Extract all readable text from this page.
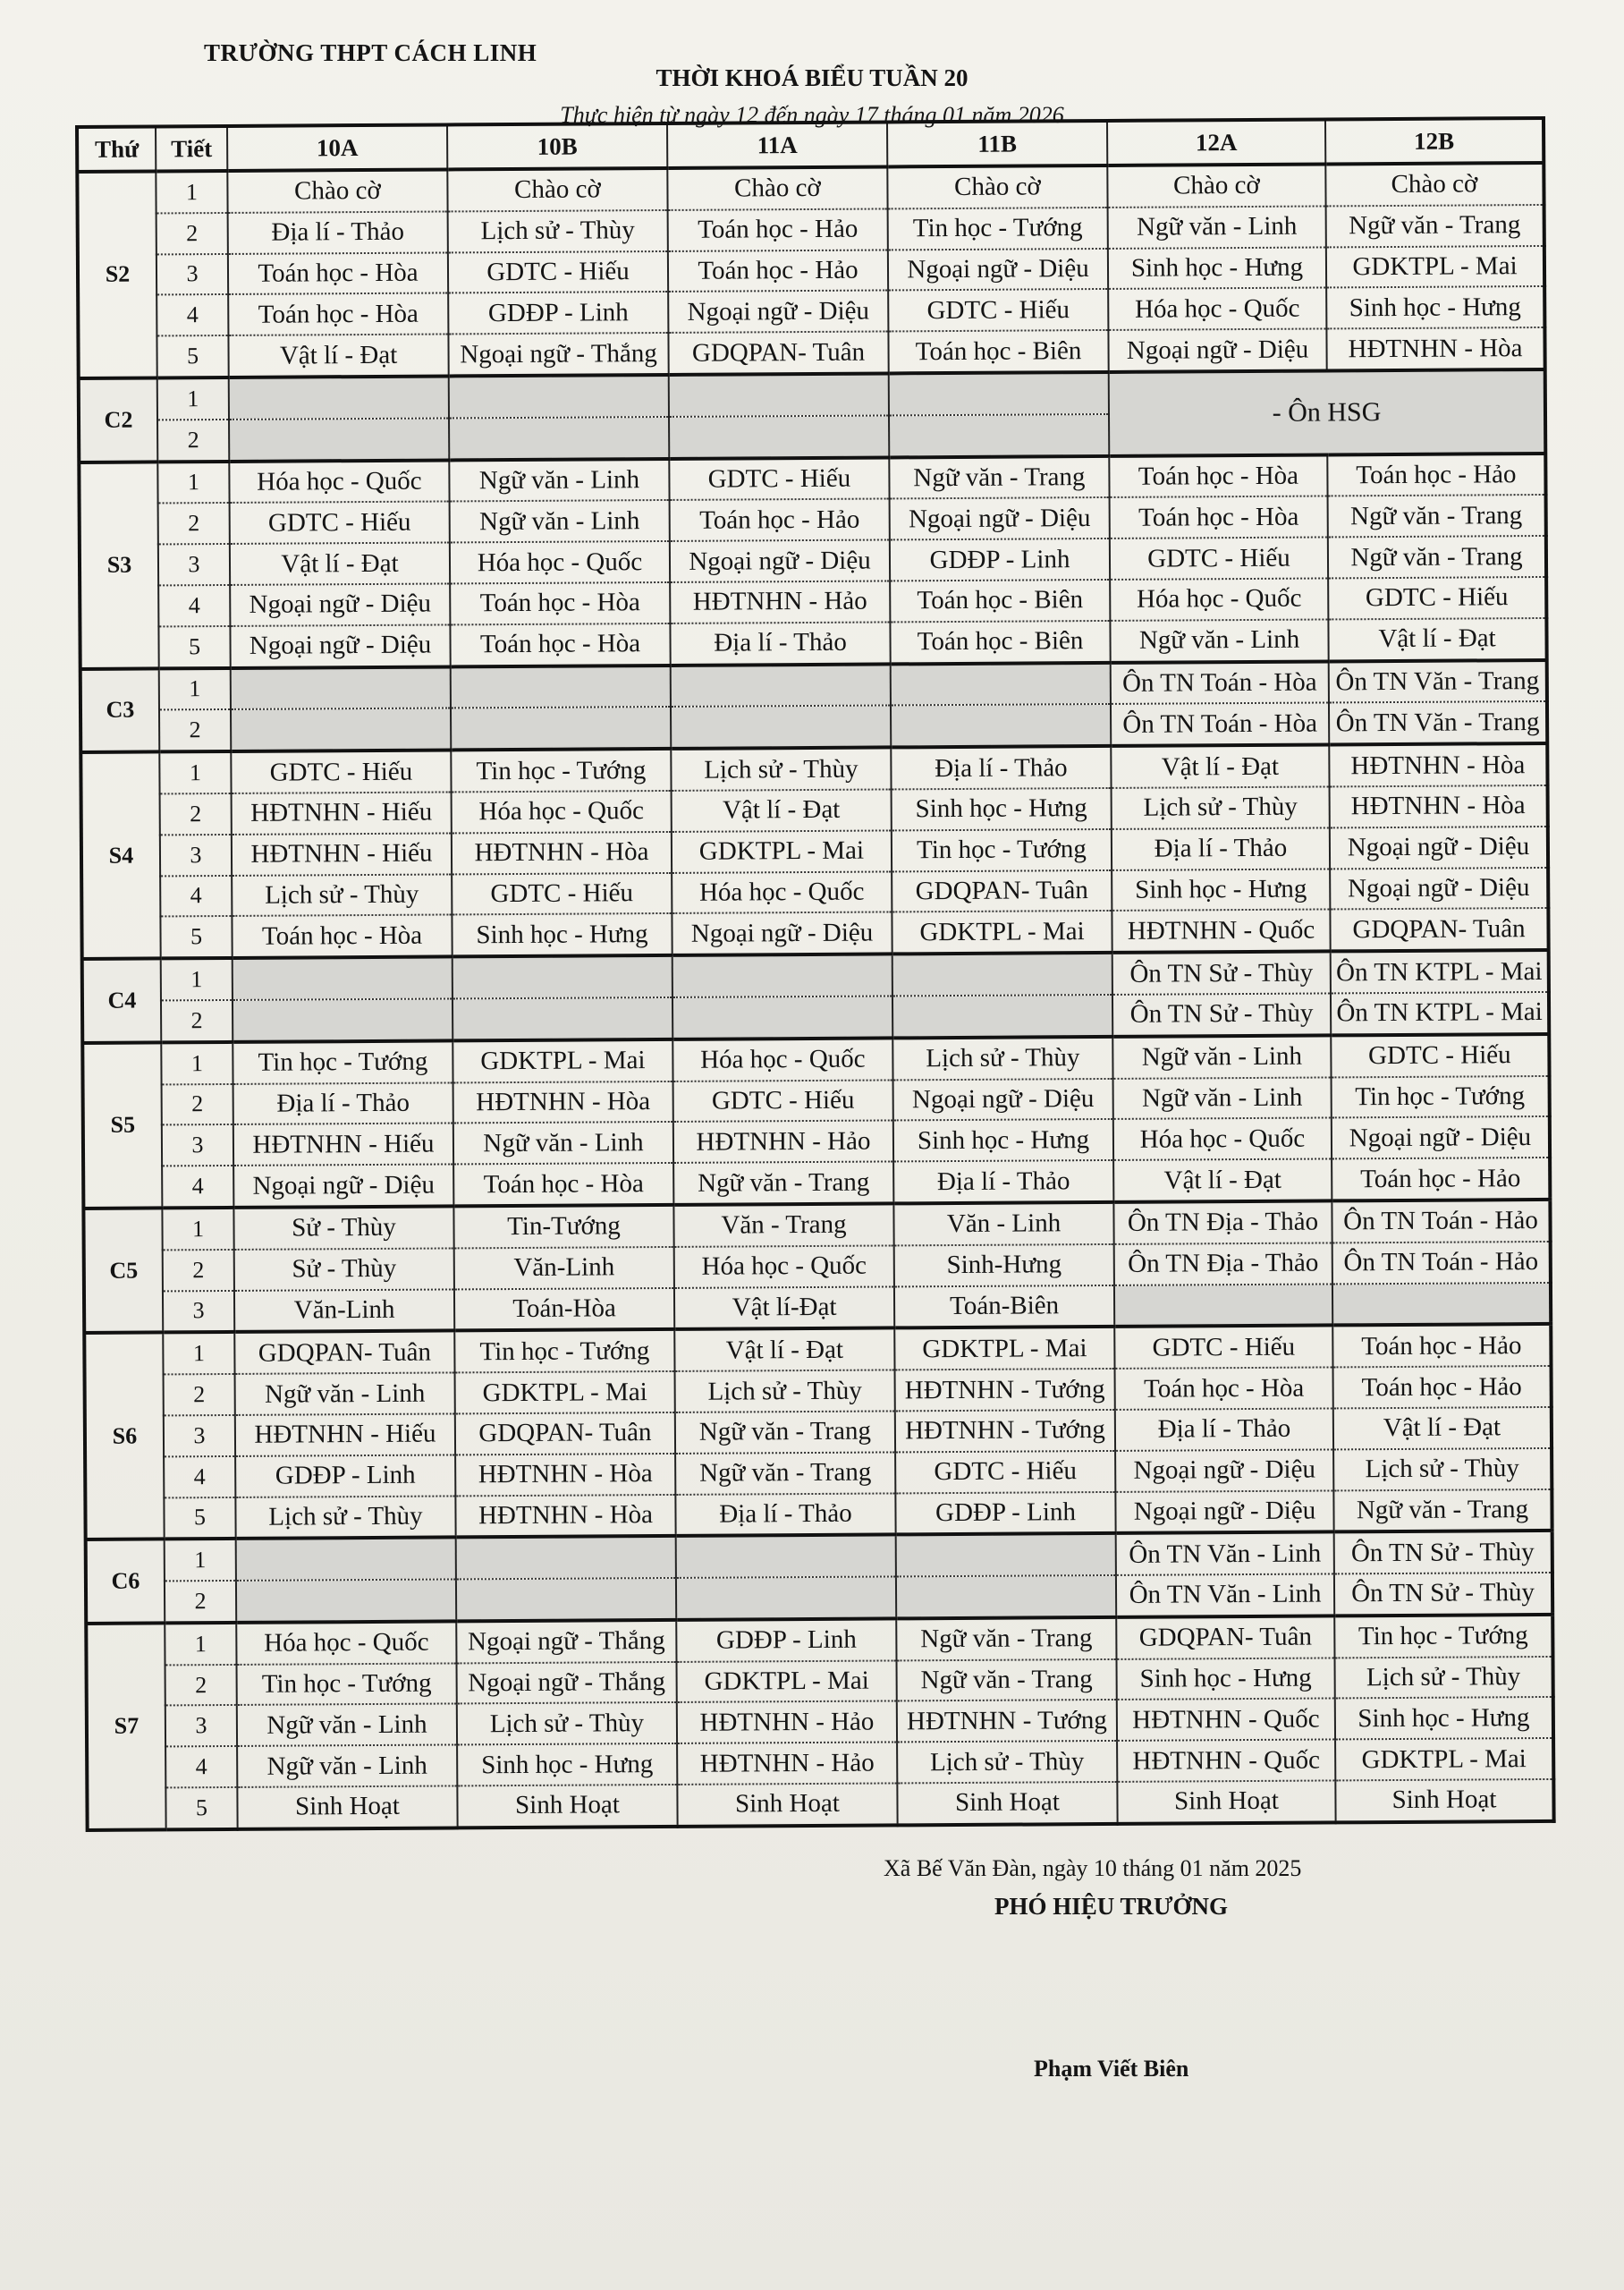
TRƯỜNG THPT CÁCH LINH
THỜI KHOÁ BIỂU TUẦN 20
Thực hiện từ ngày 12 đến ngày 17 tháng 01 năm 2026
Thứ	Tiết	10A	10B	11A	11B	12A	12B
S2	1	Chào cờ	Chào cờ	Chào cờ	Chào cờ	Chào cờ	Chào cờ
	2	Địa lí - Thảo	Lịch sử - Thùy	Toán học - Hảo	Tin học - Tướng	Ngữ văn - Linh	Ngữ văn - Trang
	3	Toán học - Hòa	GDTC - Hiếu	Toán học - Hảo	Ngoại ngữ - Diệu	Sinh học - Hưng	GDKTPL - Mai
	4	Toán học - Hòa	GDĐP - Linh	Ngoại ngữ - Diệu	GDTC - Hiếu	Hóa học - Quốc	Sinh học - Hưng
	5	Vật lí - Đạt	Ngoại ngữ - Thắng	GDQPAN- Tuân	Toán học - Biên	Ngoại ngữ - Diệu	HĐTNHN - Hòa
C2	1					- Ôn HSG	
	2						
S3	1	Hóa học - Quốc	Ngữ văn - Linh	GDTC - Hiếu	Ngữ văn - Trang	Toán học - Hòa	Toán học - Hảo
	2	GDTC - Hiếu	Ngữ văn - Linh	Toán học - Hảo	Ngoại ngữ - Diệu	Toán học - Hòa	Ngữ văn - Trang
	3	Vật lí - Đạt	Hóa học - Quốc	Ngoại ngữ - Diệu	GDĐP - Linh	GDTC - Hiếu	Ngữ văn - Trang
	4	Ngoại ngữ - Diệu	Toán học - Hòa	HĐTNHN - Hảo	Toán học - Biên	Hóa học - Quốc	GDTC - Hiếu
	5	Ngoại ngữ - Diệu	Toán học - Hòa	Địa lí - Thảo	Toán học - Biên	Ngữ văn - Linh	Vật lí - Đạt
C3	1					Ôn TN Toán - Hòa	Ôn TN Văn - Trang
	2					Ôn TN Toán - Hòa	Ôn TN Văn - Trang
S4	1	GDTC - Hiếu	Tin học - Tướng	Lịch sử - Thùy	Địa lí - Thảo	Vật lí - Đạt	HĐTNHN - Hòa
	2	HĐTNHN - Hiếu	Hóa học - Quốc	Vật lí - Đạt	Sinh học - Hưng	Lịch sử - Thùy	HĐTNHN - Hòa
	3	HĐTNHN - Hiếu	HĐTNHN - Hòa	GDKTPL - Mai	Tin học - Tướng	Địa lí - Thảo	Ngoại ngữ - Diệu
	4	Lịch sử - Thùy	GDTC - Hiếu	Hóa học - Quốc	GDQPAN- Tuân	Sinh học - Hưng	Ngoại ngữ - Diệu
	5	Toán học - Hòa	Sinh học - Hưng	Ngoại ngữ - Diệu	GDKTPL - Mai	HĐTNHN - Quốc	GDQPAN- Tuân
C4	1					Ôn TN Sử - Thùy	Ôn TN KTPL - Mai
	2					Ôn TN Sử - Thùy	Ôn TN KTPL - Mai
S5	1	Tin học - Tướng	GDKTPL - Mai	Hóa học - Quốc	Lịch sử - Thùy	Ngữ văn - Linh	GDTC - Hiếu
	2	Địa lí - Thảo	HĐTNHN - Hòa	GDTC - Hiếu	Ngoại ngữ - Diệu	Ngữ văn - Linh	Tin học - Tướng
	3	HĐTNHN - Hiếu	Ngữ văn - Linh	HĐTNHN - Hảo	Sinh học - Hưng	Hóa học - Quốc	Ngoại ngữ - Diệu
	4	Ngoại ngữ - Diệu	Toán học - Hòa	Ngữ văn - Trang	Địa lí - Thảo	Vật lí - Đạt	Toán học - Hảo
C5	1	Sử - Thùy	Tin-Tướng	Văn - Trang	Văn - Linh	Ôn TN Địa - Thảo	Ôn TN Toán - Hảo
	2	Sử - Thùy	Văn-Linh	Hóa học - Quốc	Sinh-Hưng	Ôn TN Địa - Thảo	Ôn TN Toán - Hảo
	3	Văn-Linh	Toán-Hòa	Vật lí-Đạt	Toán-Biên		
S6	1	GDQPAN- Tuân	Tin học - Tướng	Vật lí - Đạt	GDKTPL - Mai	GDTC - Hiếu	Toán học - Hảo
	2	Ngữ văn - Linh	GDKTPL - Mai	Lịch sử - Thùy	HĐTNHN - Tướng	Toán học - Hòa	Toán học - Hảo
	3	HĐTNHN - Hiếu	GDQPAN- Tuân	Ngữ văn - Trang	HĐTNHN - Tướng	Địa lí - Thảo	Vật lí - Đạt
	4	GDĐP - Linh	HĐTNHN - Hòa	Ngữ văn - Trang	GDTC - Hiếu	Ngoại ngữ - Diệu	Lịch sử - Thùy
	5	Lịch sử - Thùy	HĐTNHN - Hòa	Địa lí - Thảo	GDĐP - Linh	Ngoại ngữ - Diệu	Ngữ văn - Trang
C6	1					Ôn TN Văn - Linh	Ôn TN Sử - Thùy
	2					Ôn TN Văn - Linh	Ôn TN Sử - Thùy
S7	1	Hóa học - Quốc	Ngoại ngữ - Thắng	GDĐP - Linh	Ngữ văn - Trang	GDQPAN- Tuân	Tin học - Tướng
	2	Tin học - Tướng	Ngoại ngữ - Thắng	GDKTPL - Mai	Ngữ văn - Trang	Sinh học - Hưng	Lịch sử - Thùy
	3	Ngữ văn - Linh	Lịch sử - Thùy	HĐTNHN - Hảo	HĐTNHN - Tướng	HĐTNHN - Quốc	Sinh học - Hưng
	4	Ngữ văn - Linh	Sinh học - Hưng	HĐTNHN - Hảo	Lịch sử - Thùy	HĐTNHN - Quốc	GDKTPL - Mai
	5	Sinh Hoạt	Sinh Hoạt	Sinh Hoạt	Sinh Hoạt	Sinh Hoạt	Sinh Hoạt
Xã Bế Văn Đàn, ngày 10 tháng 01 năm 2025
PHÓ HIỆU TRƯỞNG
Phạm Viết Biên
